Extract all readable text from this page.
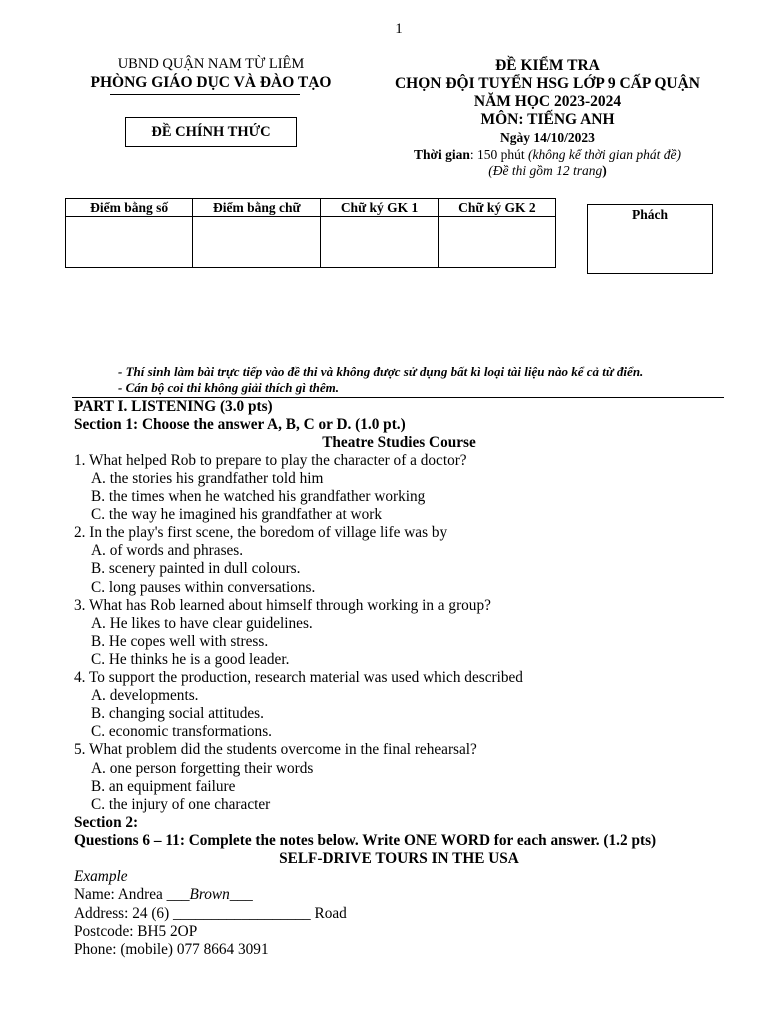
1
UBND QUẬN NAM TỪ LIÊM
PHÒNG GIÁO DỤC VÀ ĐÀO TẠO
ĐỀ CHÍNH THỨC
ĐỀ KIỂM TRA
CHỌN ĐỘI TUYỂN HSG LỚP 9 CẤP QUẬN
NĂM HỌC 2023-2024
MÔN: TIẾNG ANH
Ngày 14/10/2023
Thời gian: 150 phút (không kể thời gian phát đề)
(Đề thi gồm 12 trang)
Điểm bằng số	Điểm bằng chữ	Chữ ký GK 1	Chữ ký GK 2
				Phách
- Thí sinh làm bài trực tiếp vào đề thi và không được sử dụng bất kì loại tài liệu nào kể cả từ điển.
- Cán bộ coi thi không giải thích gì thêm.
PART I. LISTENING (3.0 pts)
Section 1: Choose the answer A, B, C or D. (1.0 pt.)
Theatre Studies Course
1. What helped Rob to prepare to play the character of a doctor?
A. the stories his grandfather told him
B. the times when he watched his grandfather working
C. the way he imagined his grandfather at work
2. In the play's first scene, the boredom of village life was by
A. of words and phrases.
B. scenery painted in dull colours.
C. long pauses within conversations.
3. What has Rob learned about himself through working in a group?
A. He likes to have clear guidelines.
B. He copes well with stress.
C. He thinks he is a good leader.
4. To support the production, research material was used which described
A. developments.
B. changing social attitudes.
C. economic transformations.
5. What problem did the students overcome in the final rehearsal?
A. one person forgetting their words
B. an equipment failure
C. the injury of one character
Section 2:
Questions 6 – 11: Complete the notes below. Write ONE WORD for each answer. (1.2 pts)
SELF-DRIVE TOURS IN THE USA
Example
Name: Andrea ___Brown___
Address: 24 (6) __________________ Road
Postcode: BH5 2OP
Phone: (mobile) 077 8664 3091
